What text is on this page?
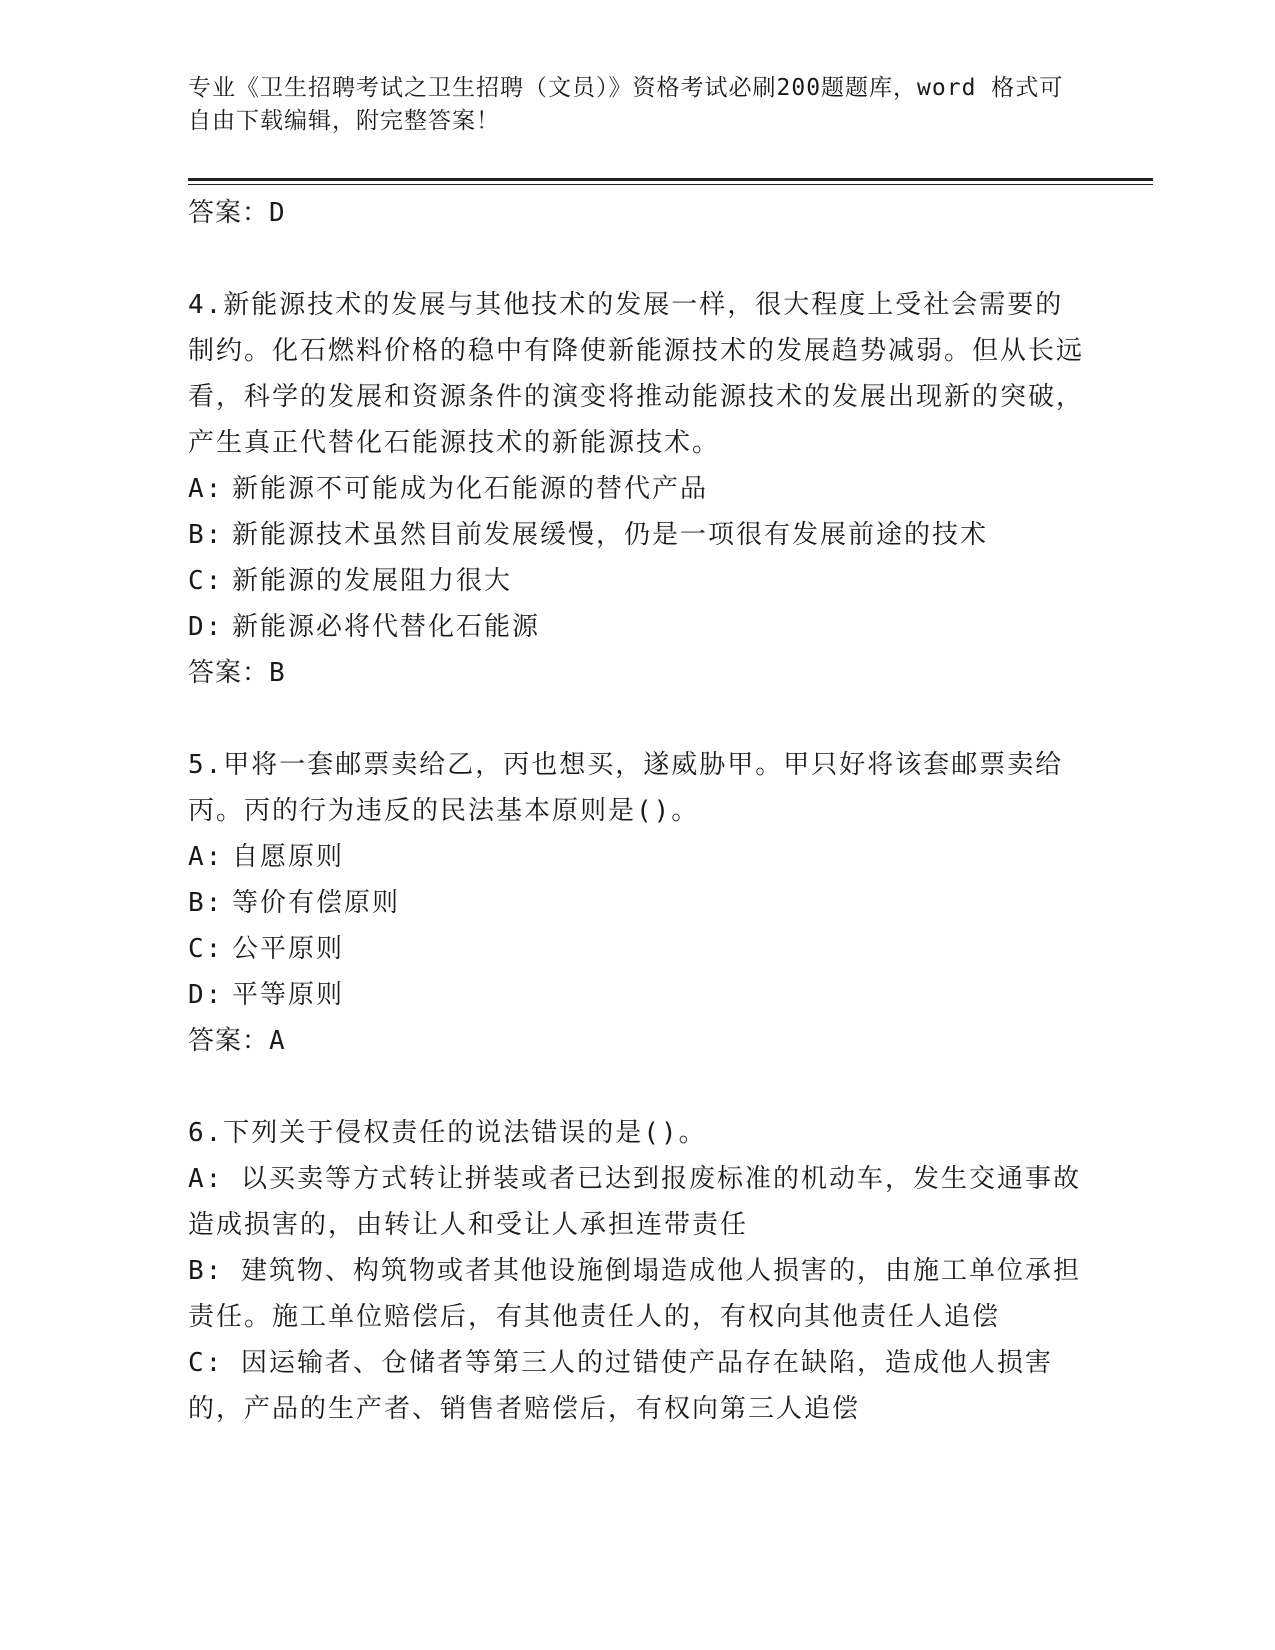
专业《卫生招聘考试之卫生招聘（文员）》资格考试必刷200题题库，word 格式可自由下载编辑，附完整答案！

答案：D

4.新能源技术的发展与其他技术的发展一样，很大程度上受社会需要的制约。化石燃料价格的稳中有降使新能源技术的发展趋势减弱。但从长远看，科学的发展和资源条件的演变将推动能源技术的发展出现新的突破，产生真正代替化石能源技术的新能源技术。

A: 新能源不可能成为化石能源的替代产品

B: 新能源技术虽然目前发展缓慢，仍是一项很有发展前途的技术

C: 新能源的发展阻力很大

D: 新能源必将代替化石能源

答案：B

5.甲将一套邮票卖给乙，丙也想买，遂威胁甲。甲只好将该套邮票卖给丙。丙的行为违反的民法基本原则是()。

A: 自愿原则

B: 等价有偿原则

C: 公平原则

D: 平等原则

答案：A

6.下列关于侵权责任的说法错误的是()。

A: 以买卖等方式转让拼装或者已达到报废标准的机动车，发生交通事故造成损害的，由转让人和受让人承担连带责任

B: 建筑物、构筑物或者其他设施倒塌造成他人损害的，由施工单位承担责任。施工单位赔偿后，有其他责任人的，有权向其他责任人追偿

C: 因运输者、仓储者等第三人的过错使产品存在缺陷，造成他人损害的，产品的生产者、销售者赔偿后，有权向第三人追偿
